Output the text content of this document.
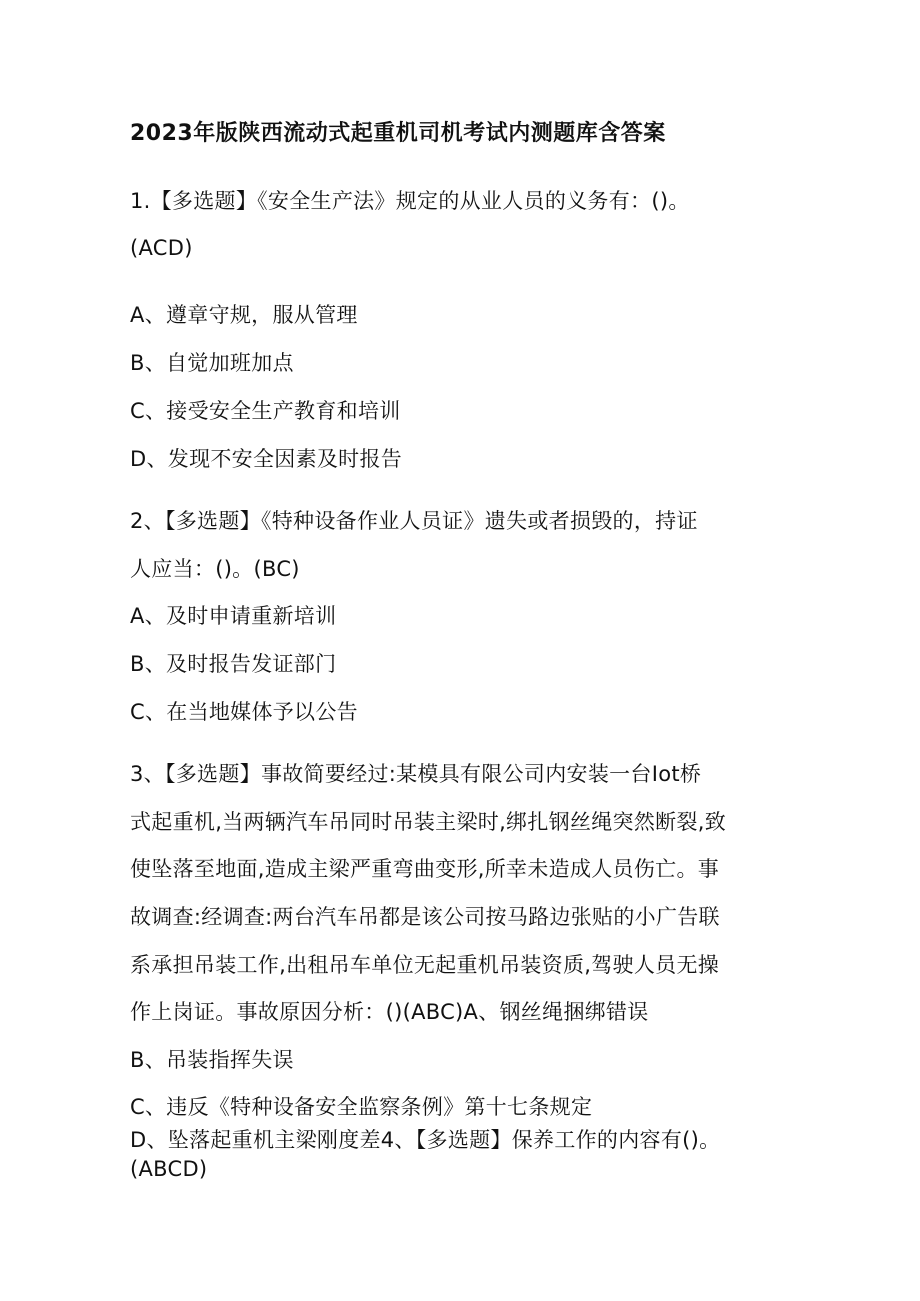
2023年版陕西流动式起重机司机考试内测题库含答案
1.【多选题】《安全生产法》规定的从业人员的义务有：()。
(ACD)
A、遵章守规，服从管理
B、自觉加班加点
C、接受安全生产教育和培训
D、发现不安全因素及时报告
2、【多选题】《特种设备作业人员证》遗失或者损毁的，持证
人应当：()。(BC)
A、及时申请重新培训
B、及时报告发证部门
C、在当地媒体予以公告
3、【多选题】事故简要经过:某模具有限公司内安装一台Iot桥
式起重机,当两辆汽车吊同时吊装主梁时,绑扎钢丝绳突然断裂,致
使坠落至地面,造成主梁严重弯曲变形,所幸未造成人员伤亡。事
故调查:经调查:两台汽车吊都是该公司按马路边张贴的小广告联
系承担吊装工作,出租吊车单位无起重机吊装资质,驾驶人员无操
作上岗证。事故原因分析：()(ABC)A、钢丝绳捆绑错误
B、吊装指挥失误
C、违反《特种设备安全监察条例》第十七条规定
D、坠落起重机主梁刚度差4、【多选题】保养工作的内容有()。
(ABCD)
